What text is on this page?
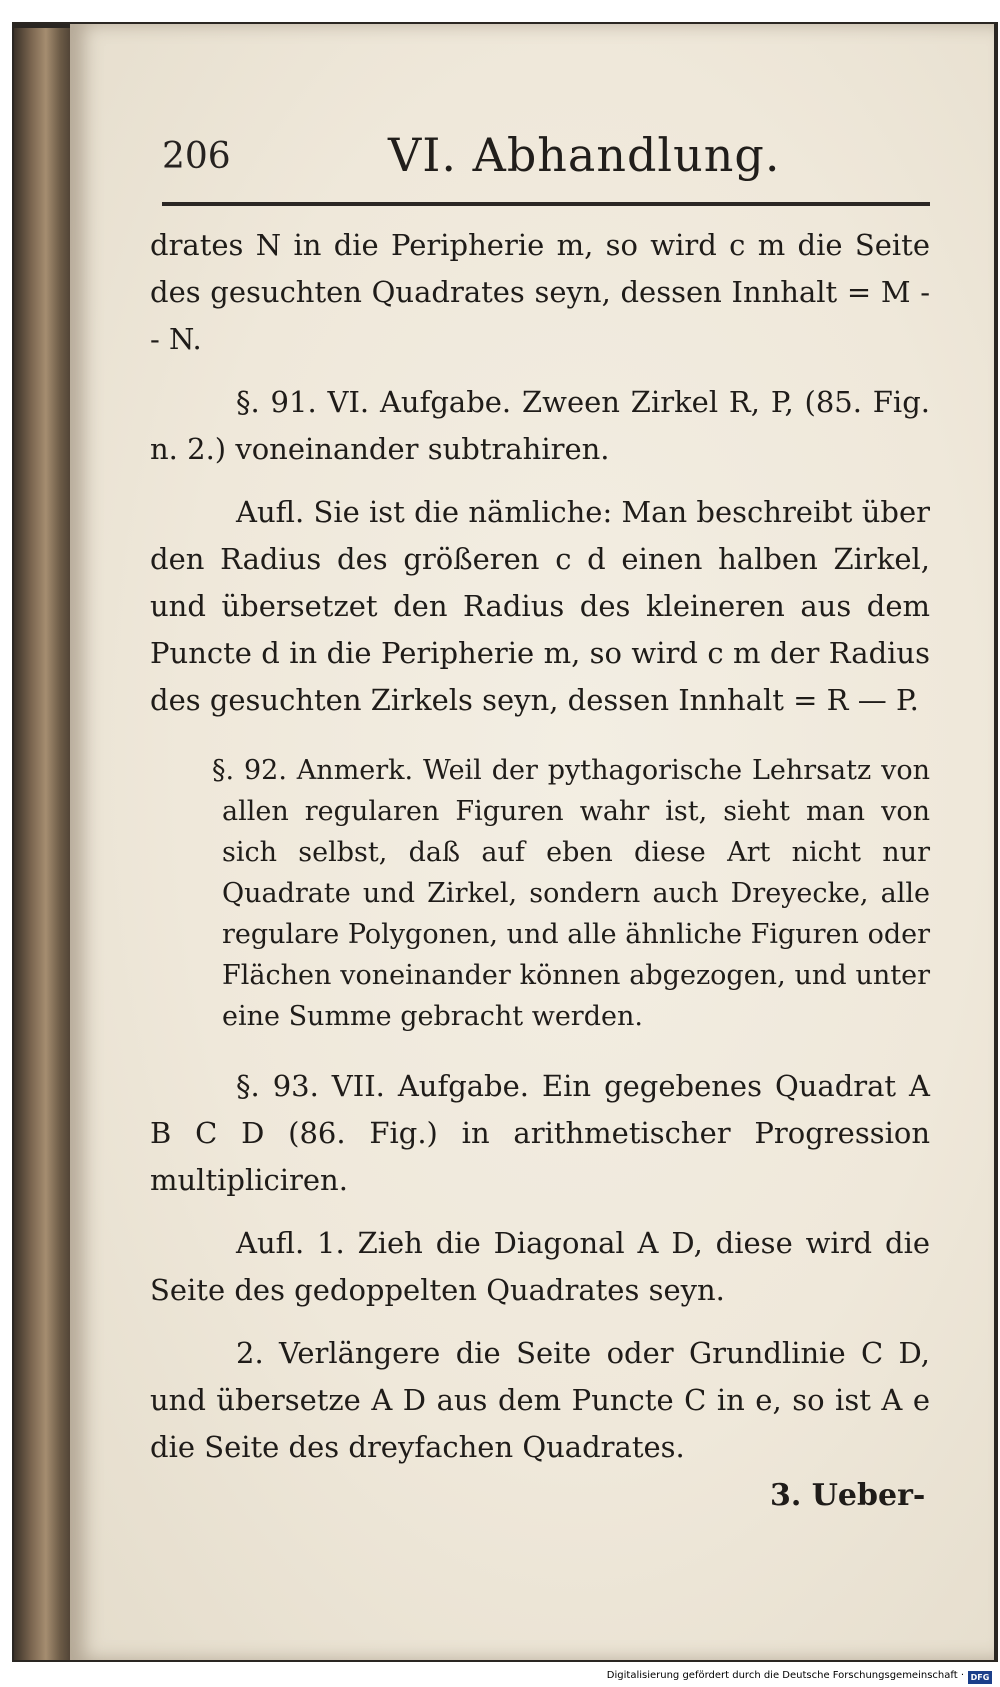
206	VI. Abhandlung.

drates N in die Peripherie m, so wird c m die Seite des gesuchten Quadrates seyn, dessen Innhalt = M -- N.

§. 91. VI. Aufgabe. Zween Zirkel R, P, (85. Fig. n. 2.) voneinander subtrahiren.

Aufl. Sie ist die nämliche: Man beschreibt über den Radius des größeren c d einen halben Zirkel, und übersetzet den Radius des kleineren aus dem Puncte d in die Peripherie m, so wird c m der Radius des gesuchten Zirkels seyn, dessen Innhalt = R — P.

§. 92. Anmerk. Weil der pythagorische Lehrsatz von allen regularen Figuren wahr ist, sieht man von sich selbst, daß auf eben diese Art nicht nur Quadrate und Zirkel, sondern auch Dreyecke, alle regulare Polygonen, und alle ähnliche Figuren oder Flächen voneinander können abgezogen, und unter eine Summe gebracht werden.

§. 93. VII. Aufgabe. Ein gegebenes Quadrat A B C D (86. Fig.) in arithmetischer Progression multipliciren.

Aufl. 1. Zieh die Diagonal A D, diese wird die Seite des gedoppelten Quadrates seyn.

2. Verlängere die Seite oder Grundlinie C D, und übersetze A D aus dem Puncte C in e, so ist A e die Seite des dreyfachen Quadrates.

3. Ueber-
Digitalisierung gefördert durch die Deutsche Forschungsgemeinschaft · DFG
